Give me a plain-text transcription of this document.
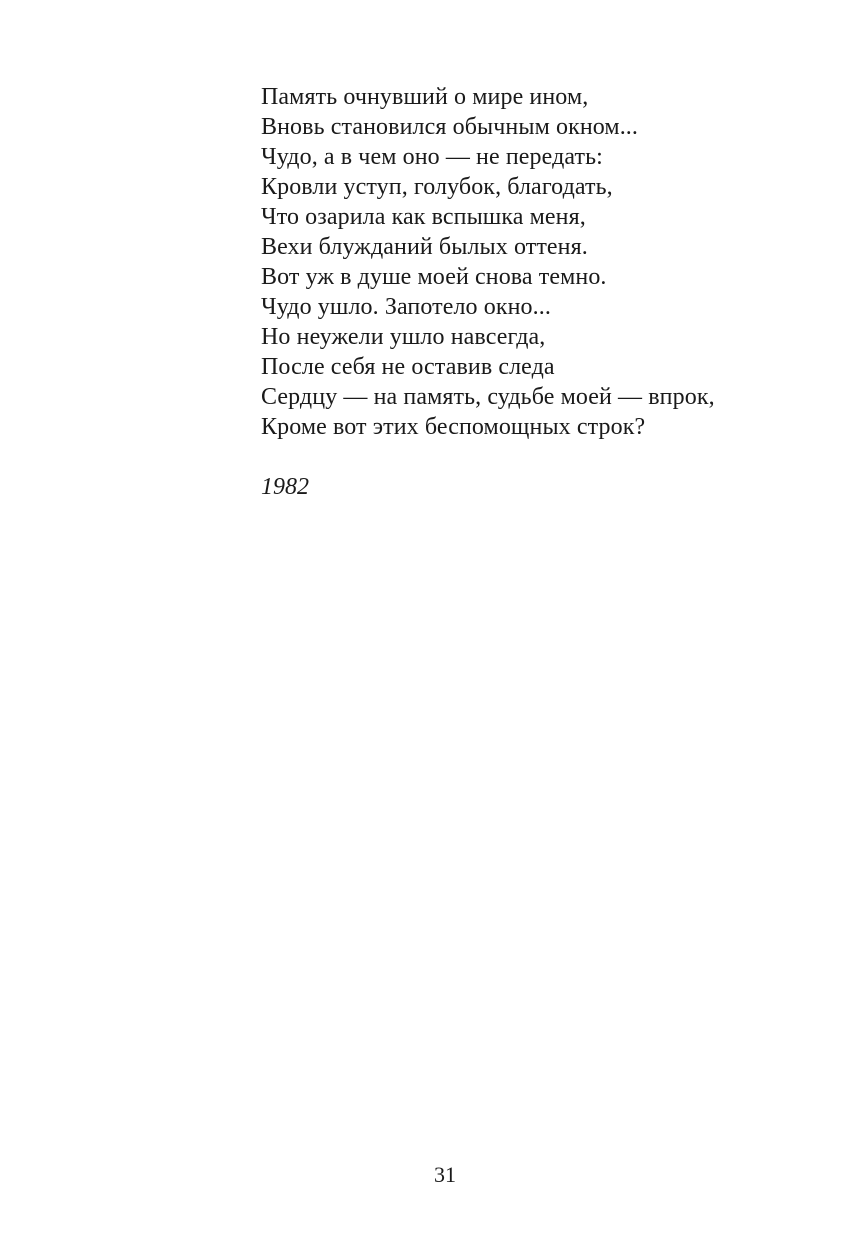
Память очнувший о мире ином,
Вновь становился обычным окном...
Чудо, а в чем оно — не передать:
Кровли уступ, голубок, благодать,
Что озарила как вспышка меня,
Вехи блужданий былых оттеня.
Вот уж в душе моей снова темно.
Чудо ушло. Запотело окно...
Но неужели ушло навсегда,
После себя не оставив следа
Сердцу — на память, судьбе моей — впрок,
Кроме вот этих беспомощных строк?
1982
31
